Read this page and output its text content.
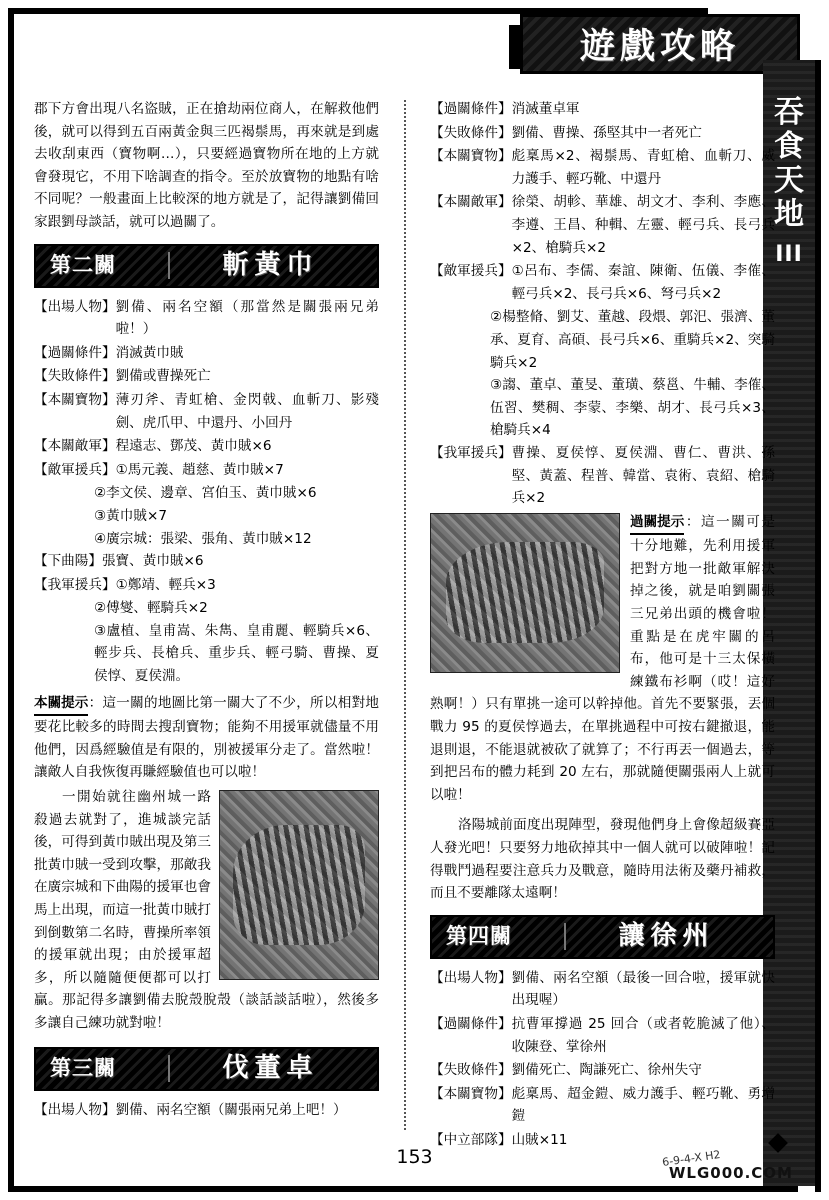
遊戲攻略
吞
食
天
地
III

郡下方會出現八名盜賊，正在搶劫兩位商人，在解救他們後，就可以得到五百兩黃金與三匹褐鬃馬，再來就是到處去收刮東西（寶物啊…），只要經過寶物所在地的上方就會發現它，不用下啥調查的指令。至於放寶物的地點有啥不同呢？一般畫面上比較深的地方就是了，記得讓劉備回家跟劉母談話，就可以過關了。

第二關	斬黃巾
【出場人物】 劉備、兩名空額（那當然是關張兩兄弟啦！）
【過關條件】 消滅黃巾賊
【失敗條件】 劉備或曹操死亡
【本關寶物】 薄刃斧、青虹槍、金閃戟、血斬刀、影殘劍、虎爪甲、中還丹、小回丹
【本關敵軍】 程遠志、鄧茂、黃巾賊×6
【敵軍援兵】 ①馬元義、趙慈、黃巾賊×7
②李文侯、邊章、宮伯玉、黃巾賊×6
③黃巾賊×7
④廣宗城：張梁、張角、黃巾賊×12
【下曲陽】 張寶、黃巾賊×6
【我軍援兵】 ①鄭靖、輕兵×3
②傅燮、輕騎兵×2
③盧植、皇甫嵩、朱雋、皇甫麗、輕騎兵×6、輕步兵、長槍兵、重步兵、輕弓騎、曹操、夏侯惇、夏侯淵。

本關提示：這一關的地圖比第一關大了不少，所以相對地要花比較多的時間去搜刮寶物；能夠不用援軍就儘量不用他們，因爲經驗值是有限的，別被援軍分走了。當然啦！讓敵人自我恢復再賺經驗值也可以啦！

一開始就往幽州城一路殺過去就對了，進城談完話後，可得到黃巾賊出現及第三批黃巾賊一受到攻擊，那敵我在廣宗城和下曲陽的援軍也會馬上出現，而這一批黃巾賊打到倒數第二名時，曹操所率領的援軍就出現；由於援軍超多，所以隨隨便便都可以打贏。那記得多讓劉備去脫殼脫殼（談話談話啦），然後多多讓自己練功就對啦！

第三關	伐董卓
【出場人物】 劉備、兩名空額（關張兩兄弟上吧！）
【過關條件】 消滅董卓軍
【失敗條件】 劉備、曹操、孫堅其中一者死亡
【本關寶物】 彪稟馬×2、褐鬃馬、青虹槍、血斬刀、威力護手、輕巧靴、中還丹
【本關敵軍】 徐榮、胡軫、華雄、胡文才、李利、李應、李遵、王昌、种輯、左靈、輕弓兵、長弓兵×2、槍騎兵×2
【敵軍援兵】 ①呂布、李儒、秦誼、陳衛、伍儀、李傕、輕弓兵×2、長弓兵×6、弩弓兵×2
②楊整脩、劉艾、董越、段煨、郭汜、張濟、董承、夏育、高碩、長弓兵×6、重騎兵×2、突騎騎兵×2
③謅、董卓、董旻、董璜、蔡邕、牛輔、李傕、伍習、樊稠、李蒙、李樂、胡才、長弓兵×3、槍騎兵×4
【我軍援兵】 曹操、夏侯惇、夏侯淵、曹仁、曹洪、孫堅、黃蓋、程普、韓當、袁術、袁紹、槍騎兵×2

過關提示：這一關可是十分地難，先利用援軍把對方地一批敵軍解決掉之後，就是咱劉關張三兄弟出頭的機會啦！重點是在虎牢關的呂布，他可是十三太保橫練鐵布衫啊（哎！這好熟啊！）只有單挑一途可以幹掉他。首先不要緊張，丟個戰力 95 的夏侯惇過去，在單挑過程中可按右鍵撤退，能退則退，不能退就被砍了就算了；不行再丟一個過去，等到把呂布的體力耗到 20 左右，那就隨便關張兩人上就可以啦！

洛陽城前面度出現陣型，發現他們身上會像超級賽亞人發光吧！只要努力地砍掉其中一個人就可以破陣啦！記得戰鬥過程要注意兵力及戰意，隨時用法術及藥丹補救，而且不要離隊太遠啊！

第四關	讓徐州
【出場人物】 劉備、兩名空額（最後一回合啦，援軍就快出現喔）
【過關條件】 抗曹軍撐過 25 回合（或者乾脆滅了他）、收陳登、掌徐州
【失敗條件】 劉備死亡、陶謙死亡、徐州失守
【本關寶物】 彪稟馬、超金鎧、威力護手、輕巧靴、勇增鎧
【中立部隊】 山賊×11
153	6-9-4-X H2
WLG000.COM
